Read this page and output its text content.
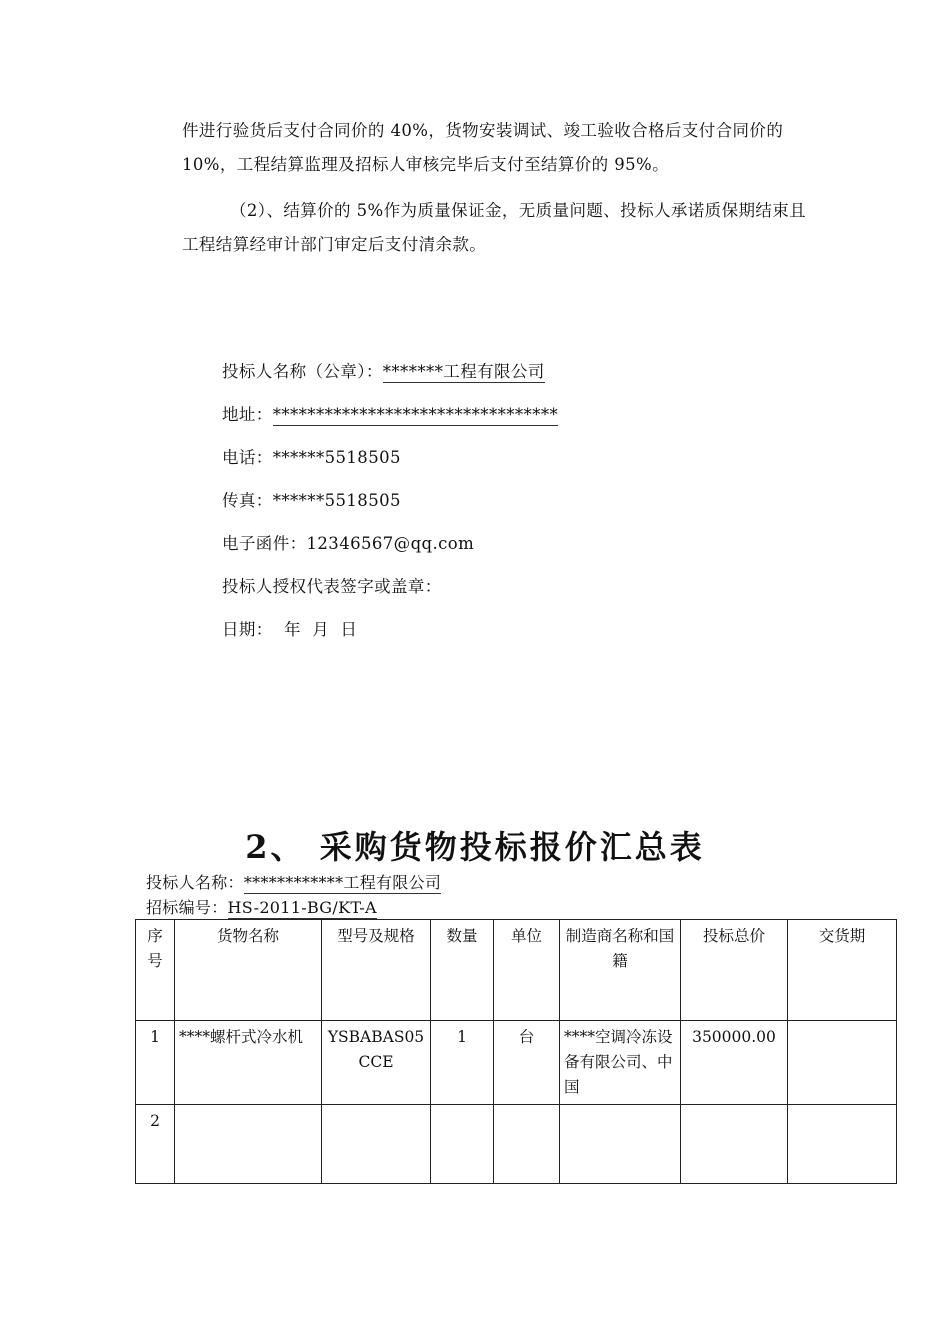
件进行验货后支付合同价的 40%，货物安装调试、竣工验收合格后支付合同价的 10%，工程结算监理及招标人审核完毕后支付至结算价的 95%。
（2）、结算价的 5%作为质量保证金，无质量问题、投标人承诺质保期结束且工程结算经审计部门审定后支付清余款。
投标人名称（公章）：*******工程有限公司
地址：*********************************
电话：******5518505
传真：******5518505
电子函件：12346567@qq.com
投标人授权代表签字或盖章：
日期： 年  月  日
2、 采购货物投标报价汇总表
投标人名称：************工程有限公司
招标编号：HS-2011-BG/KT-A
序号	货物名称	型号及规格	数量	单位	制造商名称和国籍	投标总价	交货期
1	****螺杆式冷水机	YSBABAS05CCE	1	台	****空调冷冻设备有限公司、中国	350000.00	
2							
